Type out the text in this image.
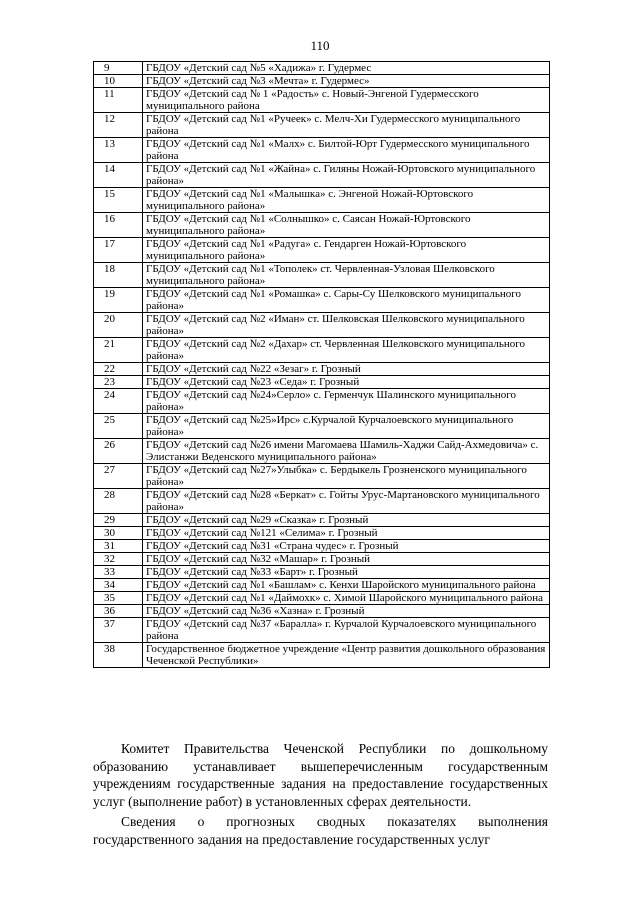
110
9	ГБДОУ «Детский сад №5 «Хадижа» г. Гудермес
10	ГБДОУ «Детский сад №3 «Мечта» г. Гудермес»
11	ГБДОУ «Детский сад № 1 «Радость» с. Новый-Энгеной Гудермесского муниципального района
12	ГБДОУ «Детский сад №1 «Ручеек» с. Мелч-Хи Гудермесского муниципального района
13	ГБДОУ «Детский сад №1 «Малх» с. Билтой-Юрт Гудермесского муниципального района
14	ГБДОУ «Детский сад №1 «Жайна» с. Гиляны Ножай-Юртовского муниципального района»
15	ГБДОУ «Детский сад №1 «Малышка» с. Энгеной Ножай-Юртовского муниципального района»
16	ГБДОУ «Детский сад №1 «Солнышко» с. Саясан Ножай-Юртовского муниципального района»
17	ГБДОУ «Детский сад №1 «Радуга» с. Гендарген Ножай-Юртовского муниципального района»
18	ГБДОУ «Детский сад №1 «Тополек» ст. Червленная-Узловая Шелковского муниципального района»
19	ГБДОУ «Детский сад №1 «Ромашка» с. Сары-Су Шелковского муниципального района»
20	ГБДОУ «Детский сад №2 «Иман» ст. Шелковская Шелковского муниципального района»
21	ГБДОУ «Детский сад №2 «Дахар» ст. Червленная Шелковского муниципального района»
22	ГБДОУ «Детский сад №22 «Зезаг» г. Грозный
23	ГБДОУ «Детский сад №23 «Седа» г. Грозный
24	ГБДОУ «Детский сад №24»Серло» с. Герменчук Шалинского муниципального района»
25	ГБДОУ «Детский сад №25»Ирс» с.Курчалой Курчалоевского муниципального района»
26	ГБДОУ «Детский сад №26 имени Магомаева Шамиль-Хаджи Сайд-Ахмедовича» с. Элистанжи Веденского муниципального района»
27	ГБДОУ «Детский сад №27»Улыбка» с. Бердыкель Грозненского муниципального района»
28	ГБДОУ «Детский сад №28 «Беркат» с. Гойты Урус-Мартановского муниципального района»
29	ГБДОУ «Детский сад №29 «Сказка» г. Грозный
30	ГБДОУ «Детский сад №121 «Селима» г. Грозный
31	ГБДОУ «Детский сад №31 «Страна чудес» г. Грозный
32	ГБДОУ «Детский сад №32 «Машар» г. Грозный
33	ГБДОУ «Детский сад №33 «Барт» г. Грозный
34	ГБДОУ «Детский сад №1 «Башлам» с. Кенхи Шаройского муниципального района
35	ГБДОУ «Детский сад №1 «Даймохк» с. Химой Шаройского муниципального района
36	ГБДОУ «Детский сад №36 «Хазна» г. Грозный
37	ГБДОУ «Детский сад №37 «Баралла» г. Курчалой Курчалоевского муниципального района
38	Государственное бюджетное учреждение «Центр развития дошкольного образования Чеченской Республики»
Комитет Правительства Чеченской Республики по дошкольному образованию устанавливает вышеперечисленным государственным учреждениям государственные задания на предоставление государственных услуг (выполнение работ) в установленных сферах деятельности.
Сведения о прогнозных сводных показателях выполнения государственного задания на предоставление государственных услуг
